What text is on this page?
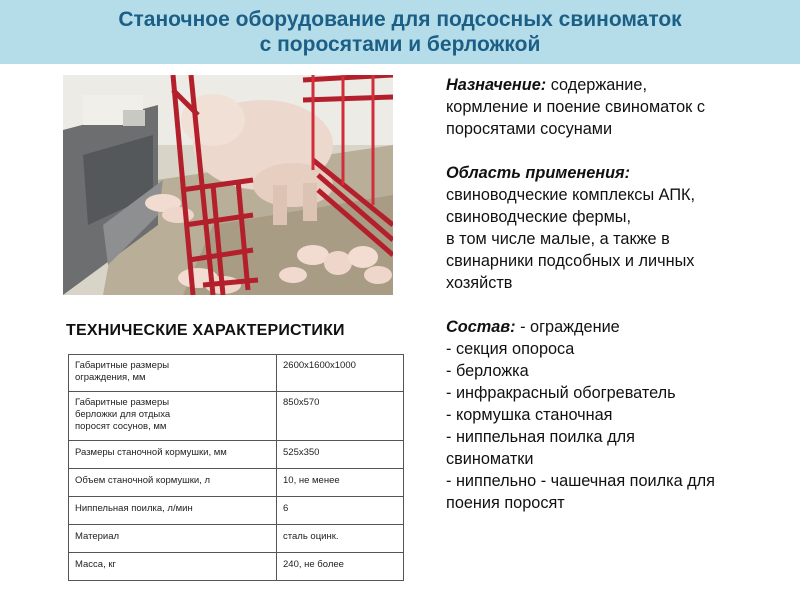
Станочное оборудование для подсосных свиноматок
с поросятами и берложкой
ТЕХНИЧЕСКИЕ ХАРАКТЕРИСТИКИ
Габаритные размеры
ограждения, мм	2600х1600х1000

Габаритные размеры
берложки для отдыха
поросят сосунов, мм	850х570

Размеры станочной кормушки, мм	525х350

Объем станочной кормушки, л	10, не менее

Ниппельная поилка, л/мин	6

Материал	сталь оцинк.

Масса, кг	240, не более
Назначение: содержание,
кормление и поение свиноматок с
поросятами сосунами
Область применения:
свиноводческие комплексы АПК,
свиноводческие фермы,
в том числе малые, а также в
свинарники подсобных и личных
хозяйств
Состав: - ограждение
- секция опороса
- берложка
- инфракрасный обогреватель
- кормушка станочная
- ниппельная поилка для
свиноматки
- ниппельно - чашечная поилка для
поения поросят
